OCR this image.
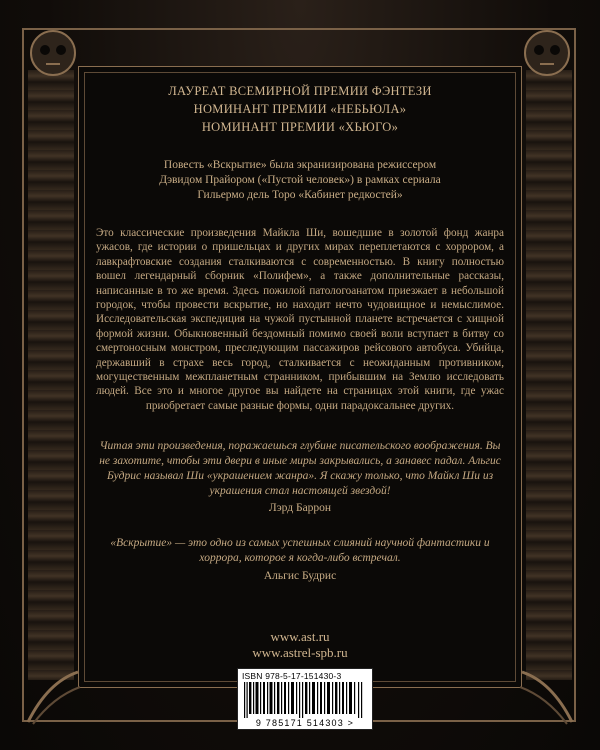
ЛАУРЕАТ ВСЕМИРНОЙ ПРЕМИИ ФЭНТЕЗИ
НОМИНАНТ ПРЕМИИ «НЕБЬЮЛА»
НОМИНАНТ ПРЕМИИ «ХЬЮГО»
Повесть «Вскрытие» была экранизирована режиссером
Дэвидом Прайором («Пустой человек») в рамках сериала
Гильермо дель Торо «Кабинет редкостей»
Это классические произведения Майкла Ши, вошедшие в золотой фонд жанра ужасов, где истории о пришельцах и других мирах переплетаются с хоррором, а лавкрафтовские создания сталкиваются с современностью. В книгу полностью вошел легендарный сборник «Полифем», а также дополнительные рассказы, написанные в то же время. Здесь пожилой патологоанатом приезжает в небольшой городок, чтобы провести вскрытие, но находит нечто чудовищное и немыслимое. Исследовательская экспедиция на чужой пустынной планете встречается с хищной формой жизни. Обыкновенный бездомный помимо своей воли вступает в битву со смертоносным монстром, преследующим пассажиров рейсового автобуса. Убийца, державший в страхе весь город, сталкивается с неожиданным противником, могущественным межпланетным странником, прибывшим на Землю исследовать людей. Все это и многое другое вы найдете на страницах этой книги, где ужас приобретает самые разные формы, одни парадоксальнее других.
Читая эти произведения, поражаешься глубине писательского воображения. Вы не захотите, чтобы эти двери в иные миры закрывались, а занавес падал. Альгис Будрис называл Ши «украшением жанра». Я скажу только, что Майкл Ши из украшения стал настоящей звездой!
Лэрд Баррон
«Вскрытие» — это одно из самых успешных слияний научной фантастики и хоррора, которое я когда-либо встречал.
Альгис Будрис
www.ast.ru
www.astrel-spb.ru
ISBN 978-5-17-151430-3
9 785171 514303 >
